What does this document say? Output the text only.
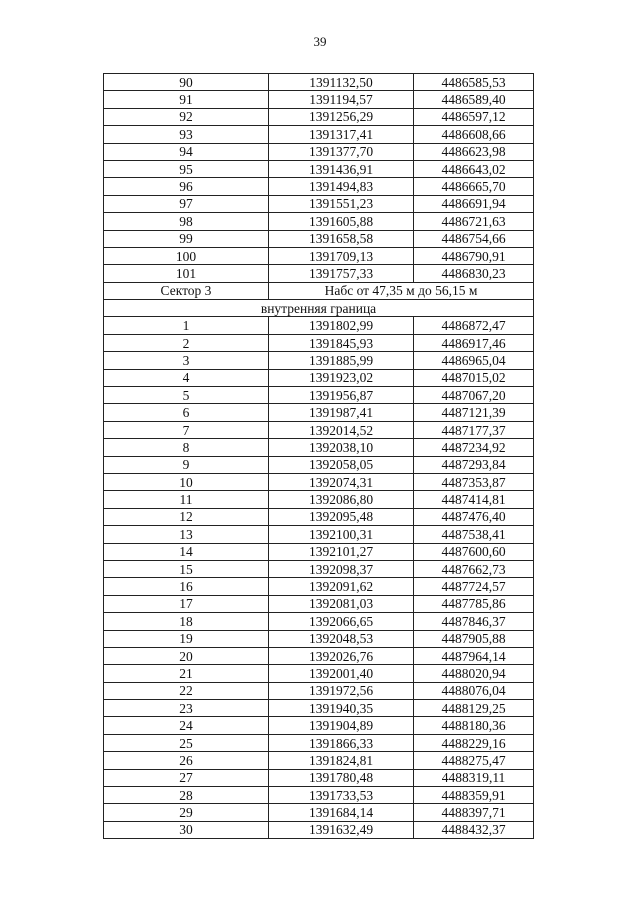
39
90	1391132,50	4486585,53
91	1391194,57	4486589,40
92	1391256,29	4486597,12
93	1391317,41	4486608,66
94	1391377,70	4486623,98
95	1391436,91	4486643,02
96	1391494,83	4486665,70
97	1391551,23	4486691,94
98	1391605,88	4486721,63
99	1391658,58	4486754,66
100	1391709,13	4486790,91
101	1391757,33	4486830,23
Сектор 3	Набс от 47,35 м до 56,15 м	
внутренняя граница		
1	1391802,99	4486872,47
2	1391845,93	4486917,46
3	1391885,99	4486965,04
4	1391923,02	4487015,02
5	1391956,87	4487067,20
6	1391987,41	4487121,39
7	1392014,52	4487177,37
8	1392038,10	4487234,92
9	1392058,05	4487293,84
10	1392074,31	4487353,87
11	1392086,80	4487414,81
12	1392095,48	4487476,40
13	1392100,31	4487538,41
14	1392101,27	4487600,60
15	1392098,37	4487662,73
16	1392091,62	4487724,57
17	1392081,03	4487785,86
18	1392066,65	4487846,37
19	1392048,53	4487905,88
20	1392026,76	4487964,14
21	1392001,40	4488020,94
22	1391972,56	4488076,04
23	1391940,35	4488129,25
24	1391904,89	4488180,36
25	1391866,33	4488229,16
26	1391824,81	4488275,47
27	1391780,48	4488319,11
28	1391733,53	4488359,91
29	1391684,14	4488397,71
30	1391632,49	4488432,37
